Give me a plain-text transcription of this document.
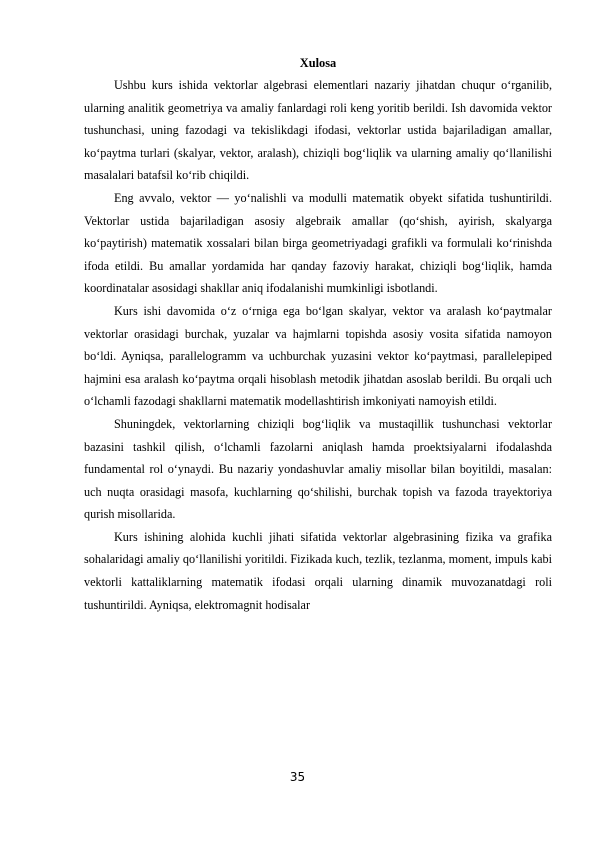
Xulosa

Ushbu kurs ishida vektorlar algebrasi elementlari nazariy jihatdan chuqur o‘rganilib, ularning analitik geometriya va amaliy fanlardagi roli keng yoritib berildi. Ish davomida vektor tushunchasi, uning fazodagi va tekislikdagi ifodasi, vektorlar ustida bajariladigan amallar, ko‘paytma turlari (skalyar, vektor, aralash), chiziqli bog‘liqlik va ularning amaliy qo‘llanilishi masalalari batafsil ko‘rib chiqildi.

Eng avvalo, vektor — yo‘nalishli va modulli matematik obyekt sifatida tushuntirildi. Vektorlar ustida bajariladigan asosiy algebraik amallar (qo‘shish, ayirish, skalyarga ko‘paytirish) matematik xossalari bilan birga geometriyadagi grafikli va formulali ko‘rinishda ifoda etildi. Bu amallar yordamida har qanday fazoviy harakat, chiziqli bog‘liqlik, hamda koordinatalar asosidagi shakllar aniq ifodalanishi mumkinligi isbotlandi.

Kurs ishi davomida o‘z o‘rniga ega bo‘lgan skalyar, vektor va aralash ko‘paytmalar vektorlar orasidagi burchak, yuzalar va hajmlarni topishda asosiy vosita sifatida namoyon bo‘ldi. Ayniqsa, parallelogramm va uchburchak yuzasini vektor ko‘paytmasi, parallelepiped hajmini esa aralash ko‘paytma orqali hisoblash metodik jihatdan asoslab berildi. Bu orqali uch o‘lchamli fazodagi shakllarni matematik modellashtirish imkoniyati namoyish etildi.

Shuningdek, vektorlarning chiziqli bog‘liqlik va mustaqillik tushunchasi vektorlar bazasini tashkil qilish, o‘lchamli fazolarni aniqlash hamda proektsiyalarni ifodalashda fundamental rol o‘ynaydi. Bu nazariy yondashuvlar amaliy misollar bilan boyitildi, masalan: uch nuqta orasidagi masofa, kuchlarning qo‘shilishi, burchak topish va fazoda trayektoriya qurish misollarida.

Kurs ishining alohida kuchli jihati sifatida vektorlar algebrasining fizika va grafika sohalaridagi amaliy qo‘llanilishi yoritildi. Fizikada kuch, tezlik, tezlanma, moment, impuls kabi vektorli kattaliklarning matematik ifodasi orqali ularning dinamik muvozanatdagi roli tushuntirildi. Ayniqsa, elektromagnit hodisalar

35
